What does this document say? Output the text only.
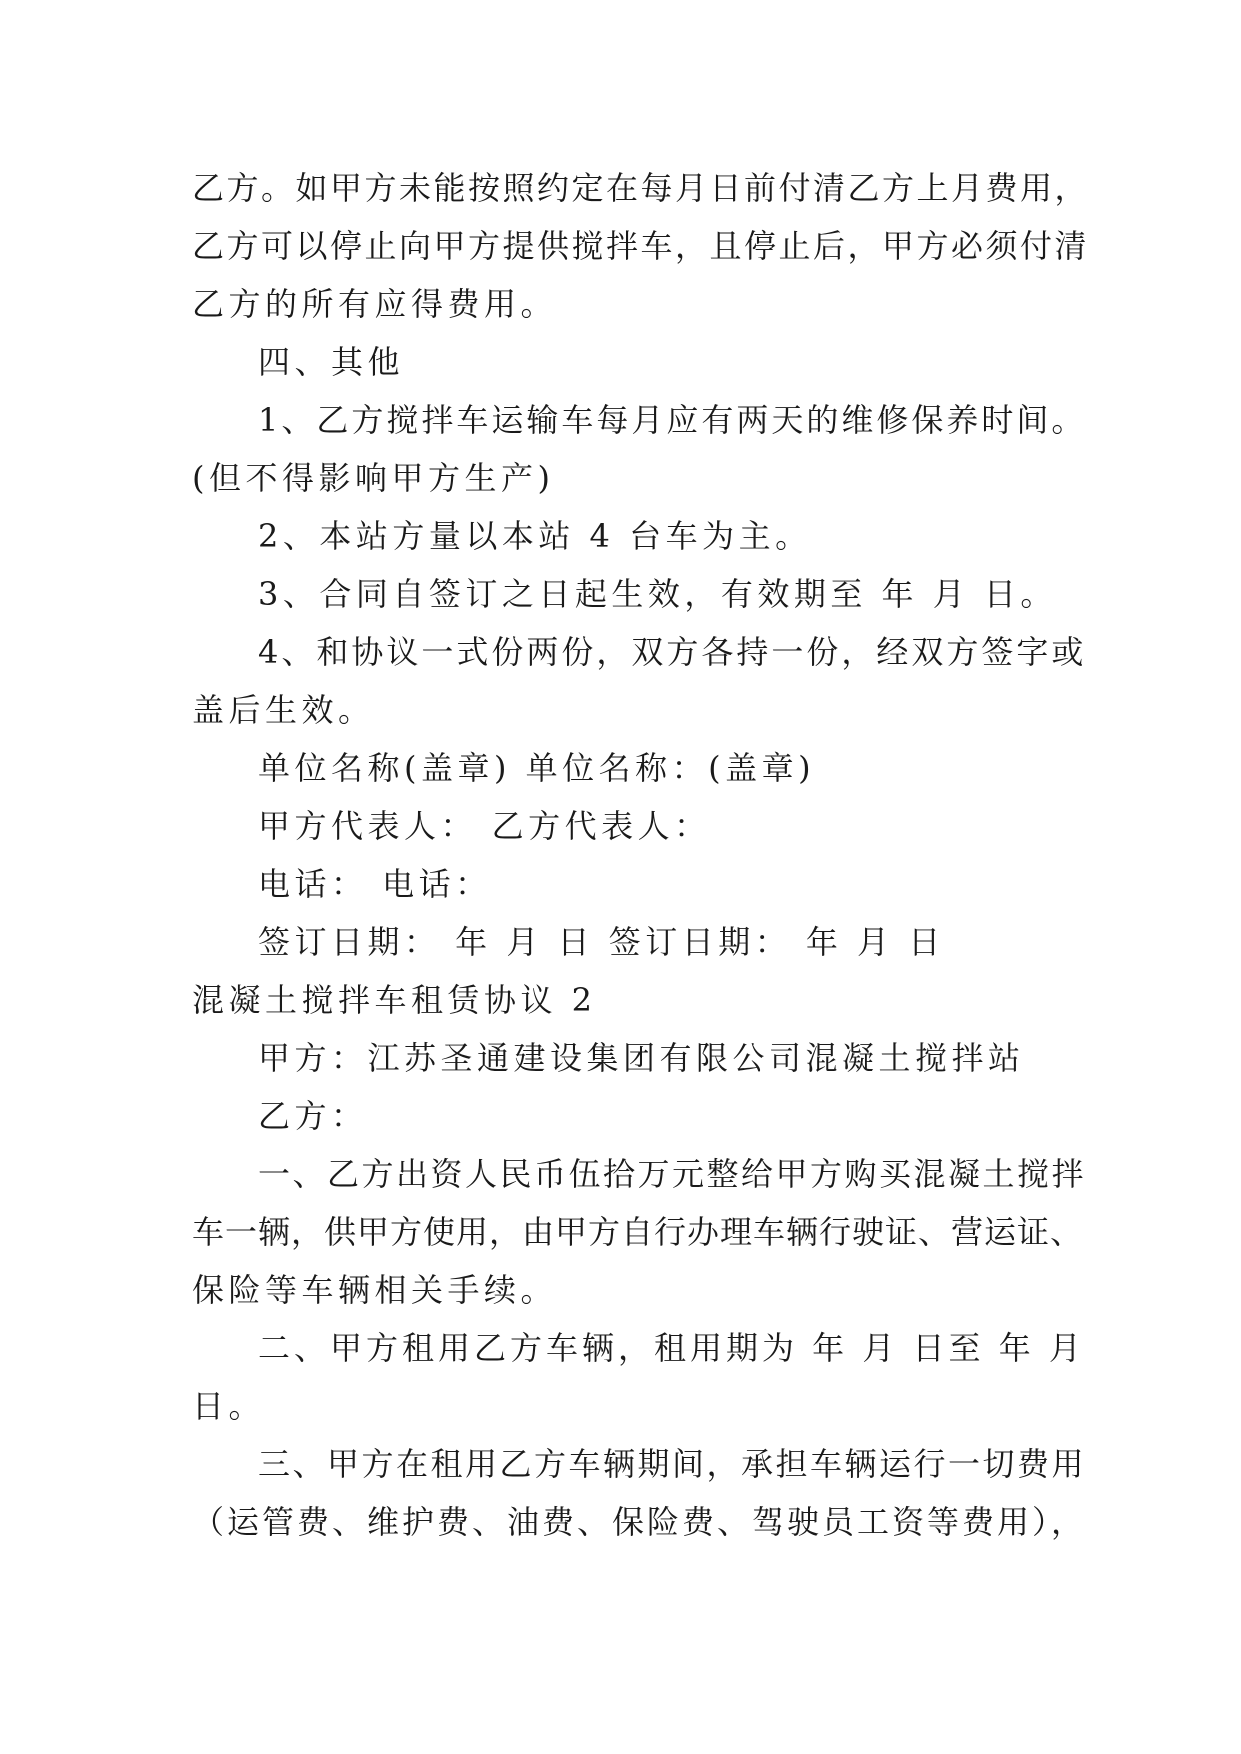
乙方。如甲方未能按照约定在每月日前付清乙方上月费用，
乙方可以停止向甲方提供搅拌车，且停止后，甲方必须付清
乙方的所有应得费用。
四、其他
1、乙方搅拌车运输车每月应有两天的维修保养时间。
(但不得影响甲方生产)
2、本站方量以本站 4 台车为主。
3、合同自签订之日起生效，有效期至 年 月 日。
4、和协议一式份两份，双方各持一份，经双方签字或
盖后生效。
单位名称(盖章) 单位名称：(盖章)
甲方代表人： 乙方代表人：
电话： 电话：
签订日期： 年 月 日 签订日期： 年 月 日
混凝土搅拌车租赁协议 2
甲方：江苏圣通建设集团有限公司混凝土搅拌站
乙方：
一、乙方出资人民币伍拾万元整给甲方购买混凝土搅拌
车一辆，供甲方使用，由甲方自行办理车辆行驶证、营运证、
保险等车辆相关手续。
二、甲方租用乙方车辆，租用期为 年 月 日至 年 月
日。
三、甲方在租用乙方车辆期间，承担车辆运行一切费用
（运管费、维护费、油费、保险费、驾驶员工资等费用），
